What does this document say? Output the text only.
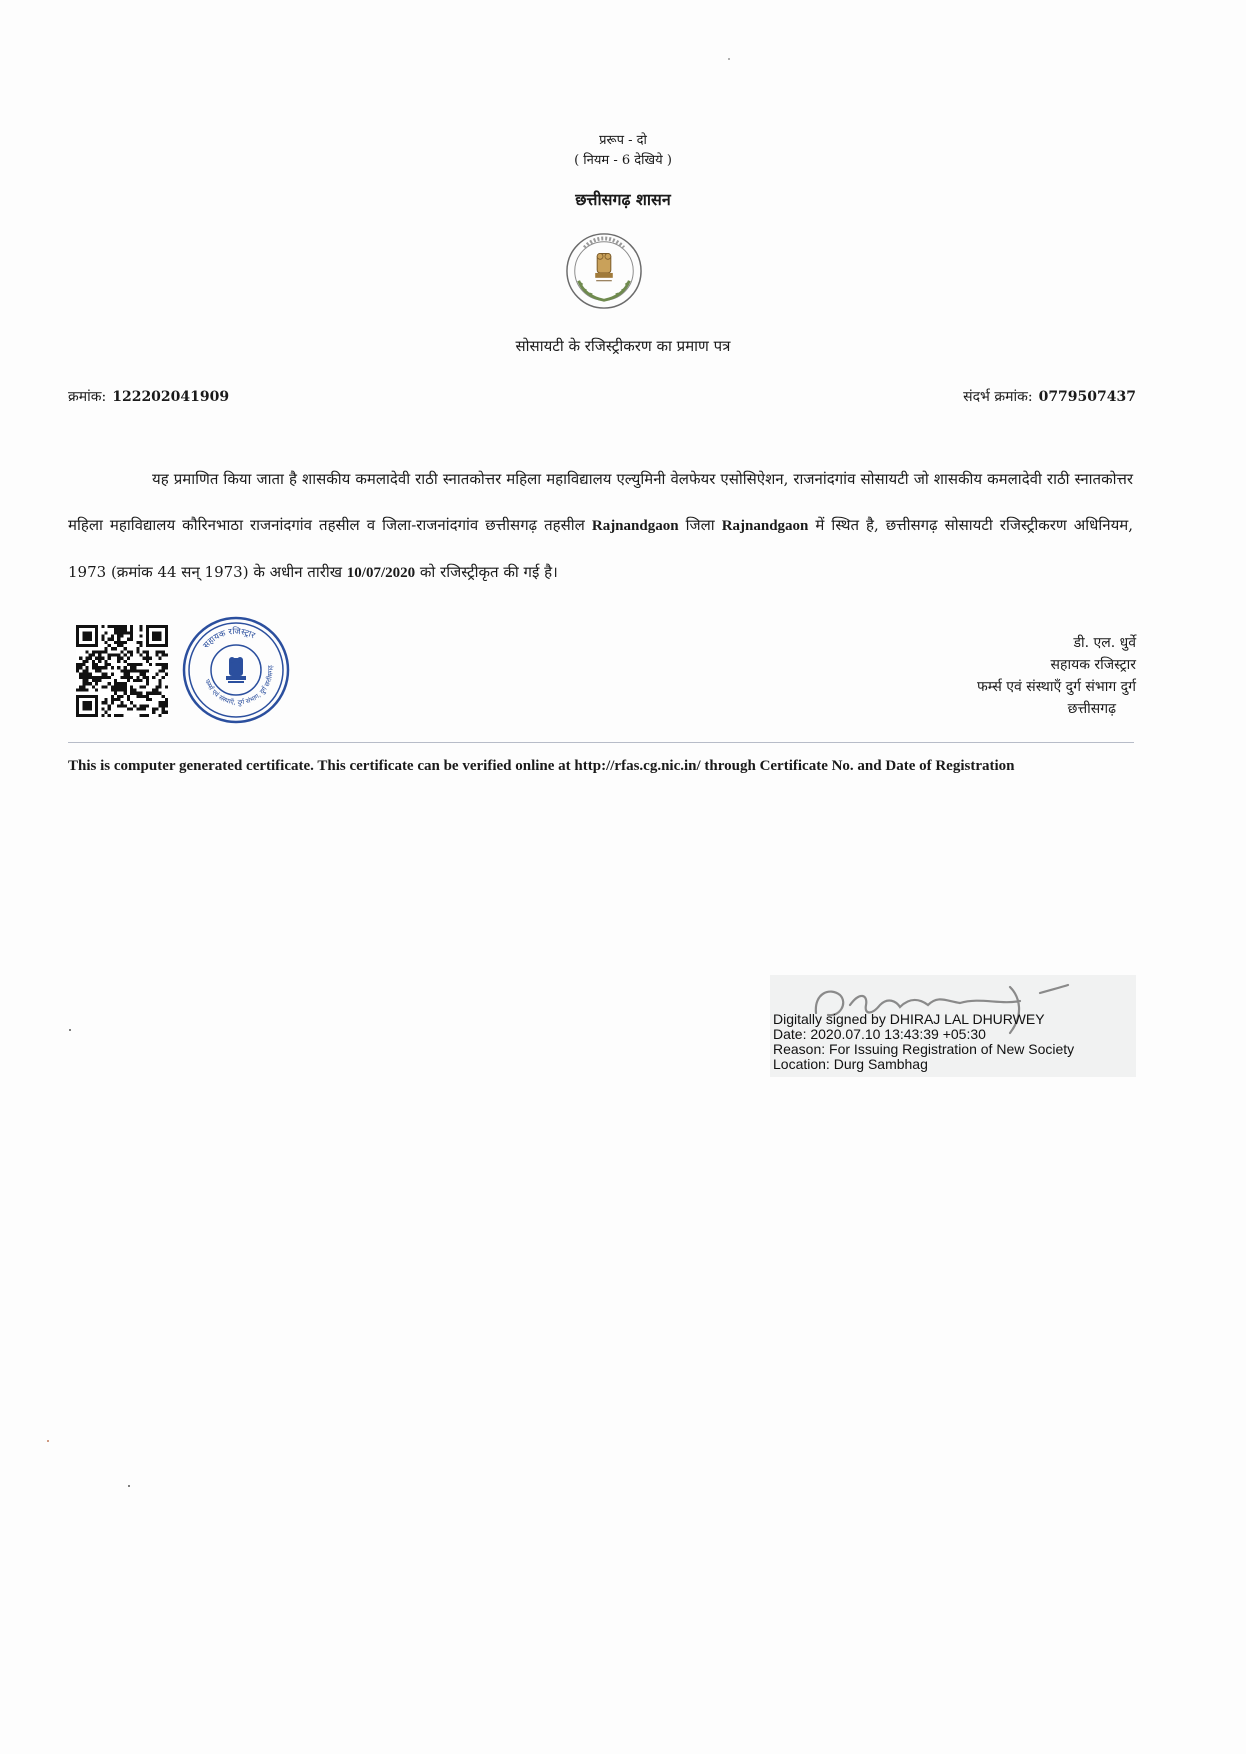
प्ररूप - दो
( नियम - 6 देखिये )
छत्तीसगढ़ शासन
सोसायटी के रजिस्ट्रीकरण का प्रमाण पत्र
क्रमांक: 122202041909	संदर्भ क्रमांक: 0779507437
यह प्रमाणित किया जाता है शासकीय कमलादेवी राठी स्नातकोत्तर महिला महाविद्यालय एल्युमिनी वेलफेयर एसोसिऐशन, राजनांदगांव सोसायटी जो शासकीय कमलादेवी राठी स्नातकोत्तर महिला महाविद्यालय कौरिनभाठा राजनांदगांव तहसील व जिला-राजनांदगांव छत्तीसगढ़ तहसील Rajnandgaon जिला Rajnandgaon में स्थित है, छत्तीसगढ़ सोसायटी रजिस्ट्रीकरण अधिनियम, 1973 (क्रमांक 44 सन् 1973) के अधीन तारीख 10/07/2020 को रजिस्ट्रीकृत की गई है।
सहायक रजिस्ट्रार
फर्म्स एवं संस्थाएँ, दुर्ग संभाग, दुर्ग छत्तीसगढ़
डी. एल. धुर्वे
सहायक रजिस्ट्रार
फर्म्स एवं संस्थाएँ दुर्ग संभाग दुर्ग
छत्तीसगढ़
This is computer generated certificate. This certificate can be verified online at http://rfas.cg.nic.in/ through Certificate No. and Date of Registration
Digitally signed by DHIRAJ LAL DHURWEY
Date: 2020.07.10 13:43:39 +05:30
Reason: For Issuing Registration of New Society
Location: Durg Sambhag
